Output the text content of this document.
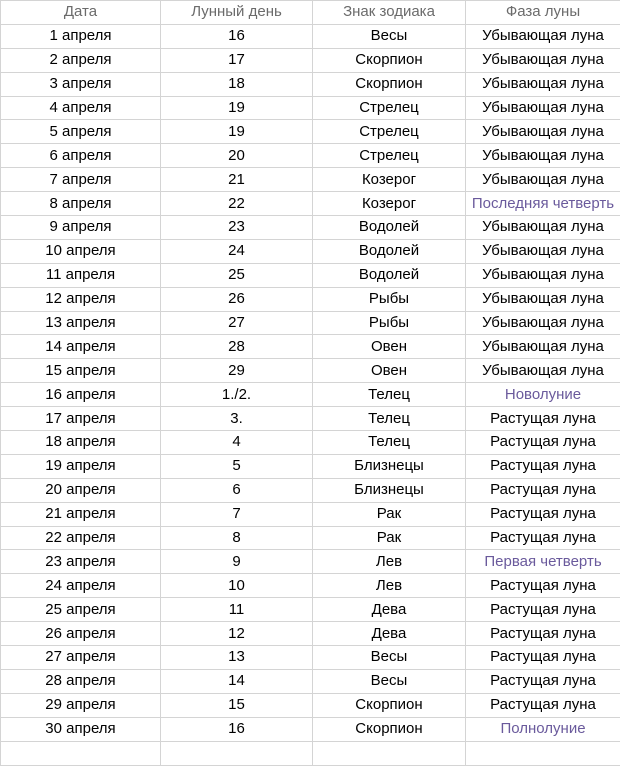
Дата	Лунный день	Знак зодиака	Фаза луны
1 апреля	16	Весы	Убывающая луна
2 апреля	17	Скорпион	Убывающая луна
3 апреля	18	Скорпион	Убывающая луна
4 апреля	19	Стрелец	Убывающая луна
5 апреля	19	Стрелец	Убывающая луна
6 апреля	20	Стрелец	Убывающая луна
7 апреля	21	Козерог	Убывающая луна
8 апреля	22	Козерог	Последняя четверть
9 апреля	23	Водолей	Убывающая луна
10 апреля	24	Водолей	Убывающая луна
11 апреля	25	Водолей	Убывающая луна
12 апреля	26	Рыбы	Убывающая луна
13 апреля	27	Рыбы	Убывающая луна
14 апреля	28	Овен	Убывающая луна
15 апреля	29	Овен	Убывающая луна
16 апреля	1./2.	Телец	Новолуние
17 апреля	3.	Телец	Растущая луна
18 апреля	4	Телец	Растущая луна
19 апреля	5	Близнецы	Растущая луна
20 апреля	6	Близнецы	Растущая луна
21 апреля	7	Рак	Растущая луна
22 апреля	8	Рак	Растущая луна
23 апреля	9	Лев	Первая четверть
24 апреля	10	Лев	Растущая луна
25 апреля	11	Дева	Растущая луна
26 апреля	12	Дева	Растущая луна
27 апреля	13	Весы	Растущая луна
28 апреля	14	Весы	Растущая луна
29 апреля	15	Скорпион	Растущая луна
30 апреля	16	Скорпион	Полнолуние
